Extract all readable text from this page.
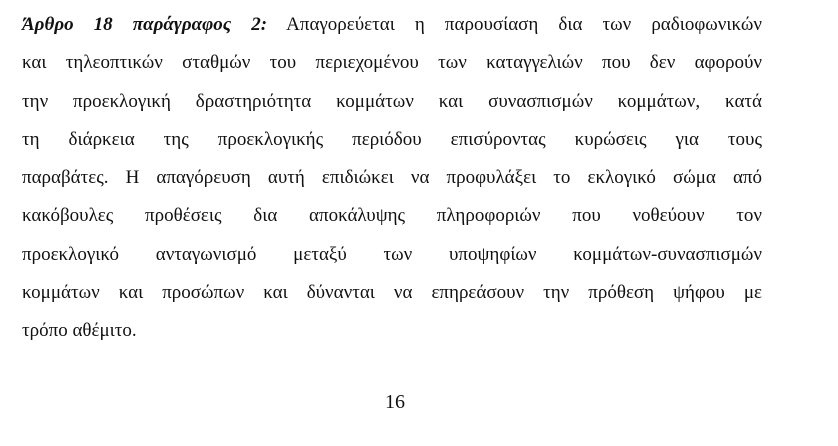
Άρθρο 18 παράγραφος 2: Απαγορεύεται η παρουσίαση δια των ραδιοφωνικών
και τηλεοπτικών σταθμών του περιεχομένου των καταγγελιών που δεν αφορούν
την προεκλογική δραστηριότητα κομμάτων και συνασπισμών κομμάτων, κατά
τη διάρκεια της προεκλογικής περιόδου επισύροντας κυρώσεις για τους
παραβάτες. Η απαγόρευση αυτή επιδιώκει να προφυλάξει το εκλογικό σώμα από
κακόβουλες προθέσεις δια αποκάλυψης πληροφοριών που νοθεύουν τον
προεκλογικό ανταγωνισμό μεταξύ των υποψηφίων κομμάτων-συνασπισμών
κομμάτων και προσώπων και δύνανται να επηρεάσουν την πρόθεση ψήφου με
τρόπο αθέμιτο.
16
